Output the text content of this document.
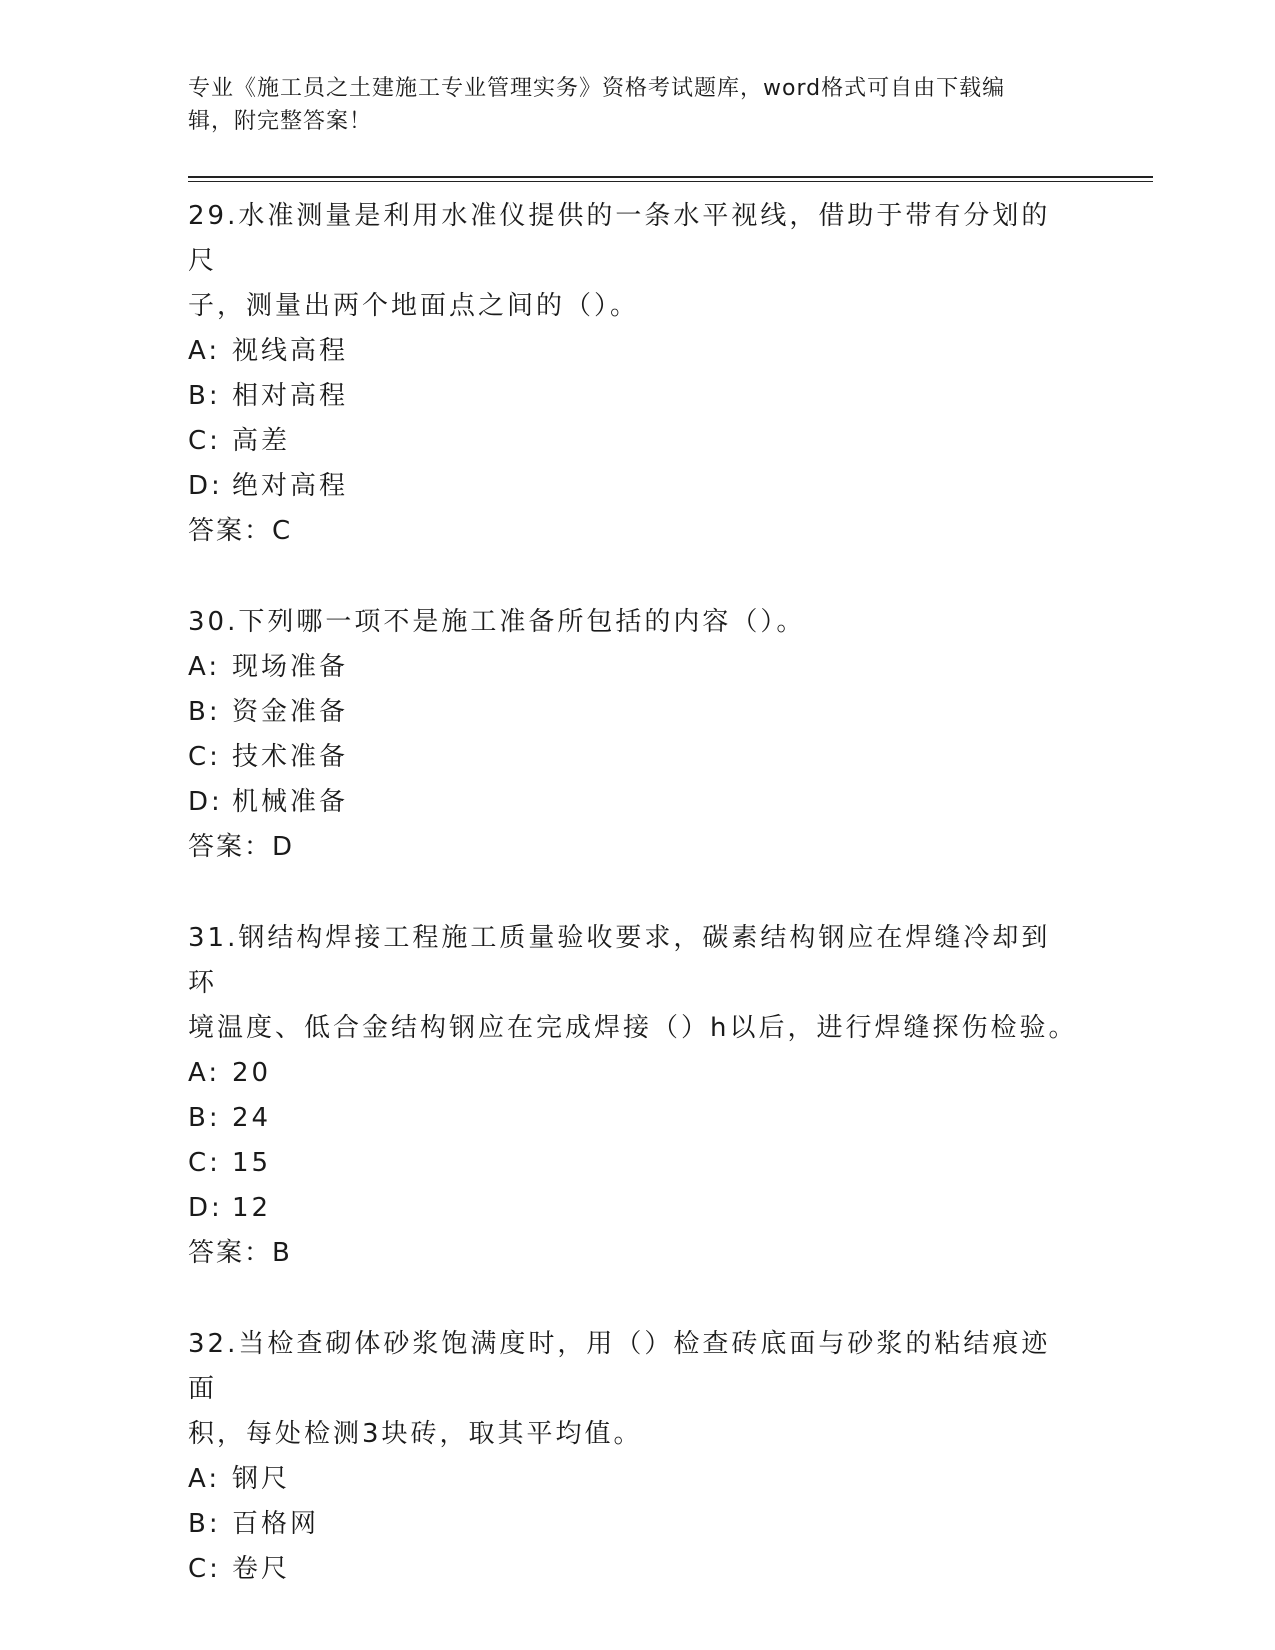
专业《施工员之土建施工专业管理实务》资格考试题库，word格式可自由下载编

辑，附完整答案！

29.水准测量是利用水准仪提供的一条水平视线，借助于带有分划的尺

子，测量出两个地面点之间的（）。

A: 视线高程

B: 相对高程

C: 高差

D: 绝对高程

答案： C

30.下列哪一项不是施工准备所包括的内容（）。

A: 现场准备

B: 资金准备

C: 技术准备

D: 机械准备

答案： D

31.钢结构焊接工程施工质量验收要求，碳素结构钢应在焊缝冷却到环

境温度、低合金结构钢应在完成焊接（）h以后，进行焊缝探伤检验。

A: 20

B: 24

C: 15

D: 12

答案： B

32.当检查砌体砂浆饱满度时，用（）检查砖底面与砂浆的粘结痕迹面

积，每处检测3块砖，取其平均值。

A: 钢尺

B: 百格网

C: 卷尺
